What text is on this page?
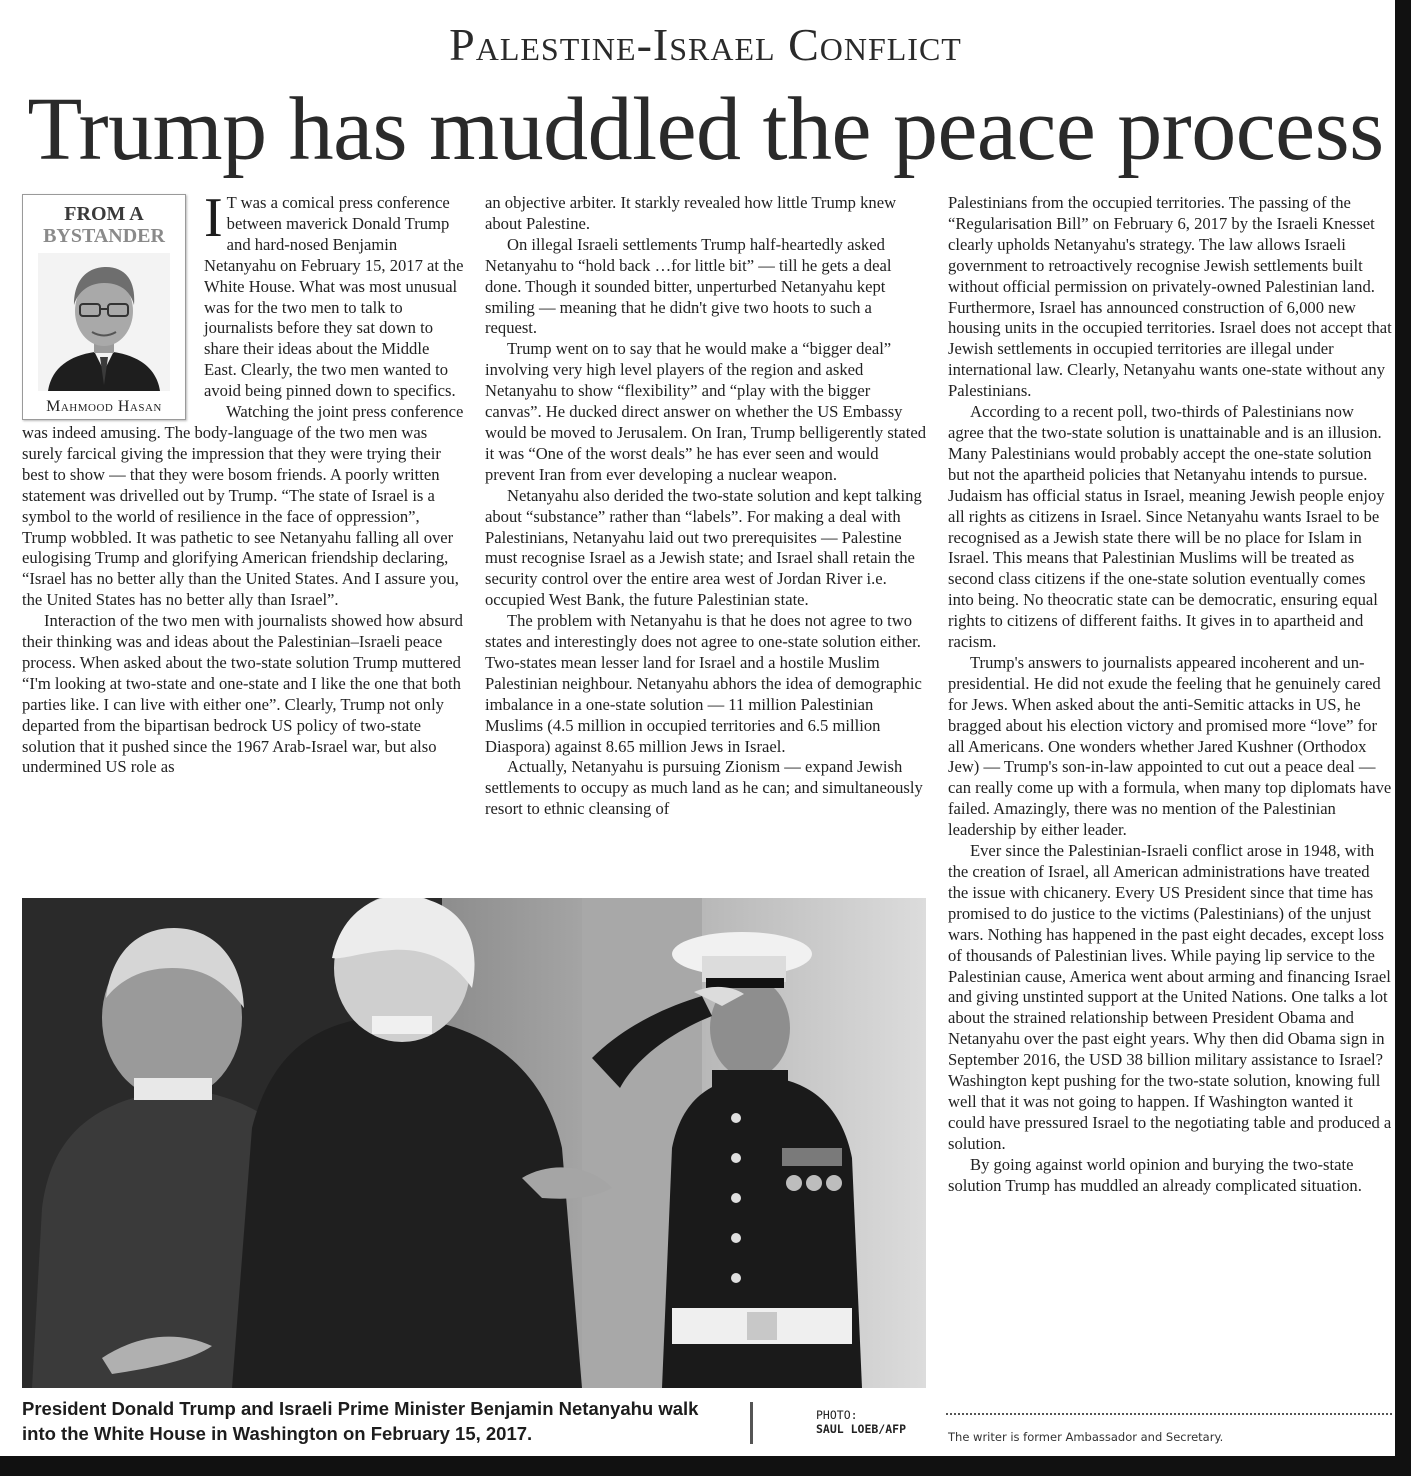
Palestine-Israel Conflict
Trump has muddled the peace process
FROM A
BYSTANDER
Mahmood Hasan
I T was a comical press conference between maverick Donald Trump and hard-nosed Benjamin Netanyahu on February 15, 2017 at the White House. What was most unusual was for the two men to talk to journalists before they sat down to share their ideas about the Middle East. Clearly, the two men wanted to avoid being pinned down to specifics.

Watching the joint press conference was indeed amusing. The body-language of the two men was surely farcical giving the impression that they were trying their best to show — that they were bosom friends. A poorly written statement was drivelled out by Trump. “The state of Israel is a symbol to the world of resilience in the face of oppression”, Trump wobbled. It was pathetic to see Netanyahu falling all over eulogising Trump and glorifying American friendship declaring, “Israel has no better ally than the United States. And I assure you, the United States has no better ally than Israel”.

Interaction of the two men with journalists showed how absurd their thinking was and ideas about the Palestinian–Israeli peace process. When asked about the two-state solution Trump muttered “I'm looking at two-state and one-state and I like the one that both parties like. I can live with either one”. Clearly, Trump not only departed from the bipartisan bedrock US policy of two-state solution that it pushed since the 1967 Arab-Israel war, but also undermined US role as

an objective arbiter. It starkly revealed how little Trump knew about Palestine.

On illegal Israeli settlements Trump half-heartedly asked Netanyahu to “hold back …for little bit” — till he gets a deal done. Though it sounded bitter, unperturbed Netanyahu kept smiling — meaning that he didn't give two hoots to such a request.

Trump went on to say that he would make a “bigger deal” involving very high level players of the region and asked Netanyahu to show “flexibility” and “play with the bigger canvas”. He ducked direct answer on whether the US Embassy would be moved to Jerusalem. On Iran, Trump belligerently stated it was “One of the worst deals” he has ever seen and would prevent Iran from ever developing a nuclear weapon.

Netanyahu also derided the two-state solution and kept talking about “substance” rather than “labels”. For making a deal with Palestinians, Netanyahu laid out two prerequisites — Palestine must recognise Israel as a Jewish state; and Israel shall retain the security control over the entire area west of Jordan River i.e. occupied West Bank, the future Palestinian state.

The problem with Netanyahu is that he does not agree to two states and interestingly does not agree to one-state solution either. Two-states mean lesser land for Israel and a hostile Muslim Palestinian neighbour. Netanyahu abhors the idea of demographic imbalance in a one-state solution — 11 million Palestinian Muslims (4.5 million in occupied territories and 6.5 million Diaspora) against 8.65 million Jews in Israel.

Actually, Netanyahu is pursuing Zionism — expand Jewish settlements to occupy as much land as he can; and simultaneously resort to ethnic cleansing of

Palestinians from the occupied territories. The passing of the “Regularisation Bill” on February 6, 2017 by the Israeli Knesset clearly upholds Netanyahu's strategy. The law allows Israeli government to retroactively recognise Jewish settlements built without official permission on privately-owned Palestinian land. Furthermore, Israel has announced construction of 6,000 new housing units in the occupied territories. Israel does not accept that Jewish settlements in occupied territories are illegal under international law. Clearly, Netanyahu wants one-state without any Palestinians.

According to a recent poll, two-thirds of Palestinians now agree that the two-state solution is unattainable and is an illusion. Many Palestinians would probably accept the one-state solution but not the apartheid policies that Netanyahu intends to pursue. Judaism has official status in Israel, meaning Jewish people enjoy all rights as citizens in Israel. Since Netanyahu wants Israel to be recognised as a Jewish state there will be no place for Islam in Israel. This means that Palestinian Muslims will be treated as second class citizens if the one-state solution eventually comes into being. No theocratic state can be democratic, ensuring equal rights to citizens of different faiths. It gives in to apartheid and racism.

Trump's answers to journalists appeared incoherent and un-presidential. He did not exude the feeling that he genuinely cared for Jews. When asked about the anti-Semitic attacks in US, he bragged about his election victory and promised more “love” for all Americans. One wonders whether Jared Kushner (Orthodox Jew) — Trump's son-in-law appointed to cut out a peace deal — can really come up with a formula, when many top diplomats have failed. Amazingly, there was no mention of the Palestinian leadership by either leader.

Ever since the Palestinian-Israeli conflict arose in 1948, with the creation of Israel, all American administrations have treated the issue with chicanery. Every US President since that time has promised to do justice to the victims (Palestinians) of the unjust wars. Nothing has happened in the past eight decades, except loss of thousands of Palestinian lives. While paying lip service to the Palestinian cause, America went about arming and financing Israel and giving unstinted support at the United Nations. One talks a lot about the strained relationship between President Obama and Netanyahu over the past eight years. Why then did Obama sign in September 2016, the USD 38 billion military assistance to Israel? Washington kept pushing for the two-state solution, knowing full well that it was not going to happen. If Washington wanted it could have pressured Israel to the negotiating table and produced a solution.

By going against world opinion and burying the two-state solution Trump has muddled an already complicated situation.

President Donald Trump and Israeli Prime Minister Benjamin Netanyahu walk into the White House in Washington on February 15, 2017.
PHOTO:
SAUL LOEB/AFP
The writer is former Ambassador and Secretary.
